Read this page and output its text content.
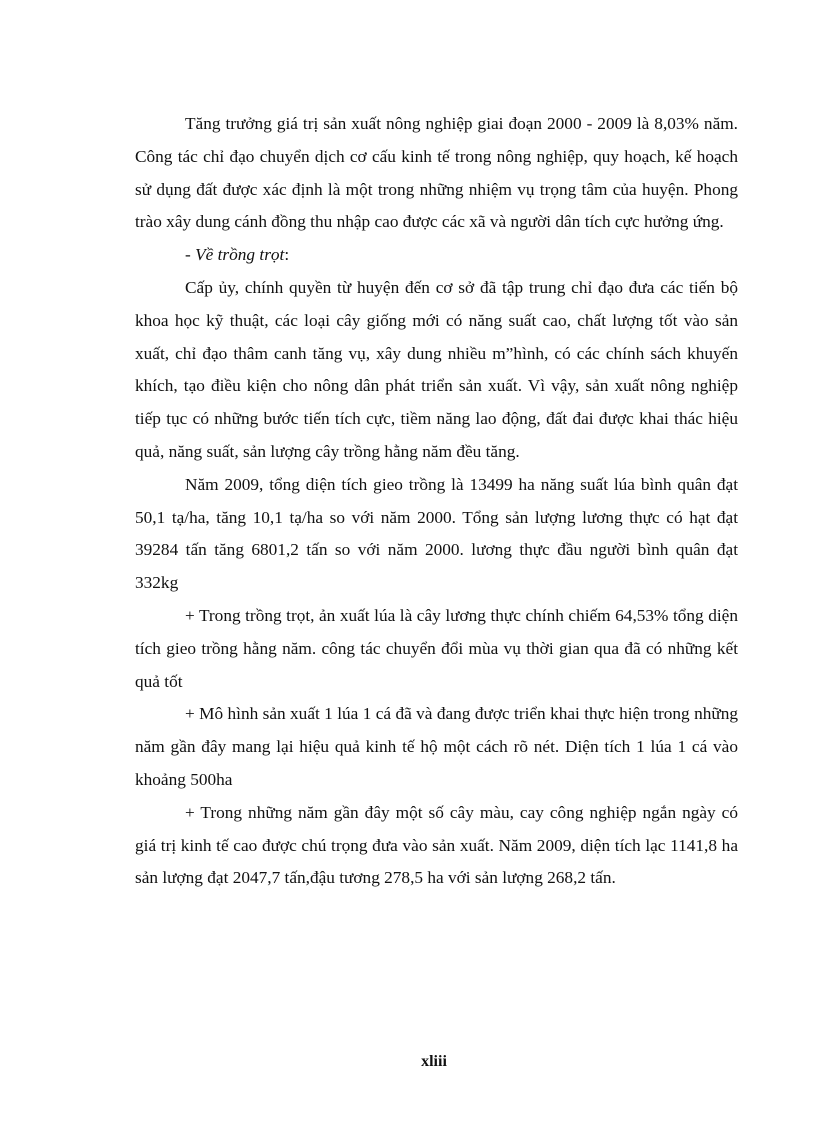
Tăng trưởng giá trị sản xuất nông nghiệp giai đoạn 2000 - 2009 là 8,03% năm. Công tác chỉ đạo chuyển dịch cơ cấu kinh tế trong nông nghiệp, quy hoạch, kế hoạch sử dụng đất được xác định là một trong những nhiệm vụ trọng tâm của huyện. Phong trào xây dung cánh đồng thu nhập cao được các xã và người dân tích cực hưởng ứng.

- Về trồng trọt:

Cấp ủy, chính quyền từ huyện đến cơ sở đã tập trung chỉ đạo đưa các tiến bộ khoa học kỹ thuật, các loại cây giống mới có năng suất cao, chất lượng tốt vào sản xuất, chỉ đạo thâm canh tăng vụ, xây dung nhiều m”hình, có các chính sách khuyến khích, tạo điều kiện cho nông dân phát triển sản xuất. Vì vậy, sản xuất nông nghiệp tiếp tục có những bước tiến tích cực, tiềm năng lao động, đất đai được khai thác hiệu quả, năng suất, sản lượng cây trồng hằng năm đều tăng.

Năm 2009, tổng diện tích gieo trồng là 13499 ha năng suất lúa bình quân đạt 50,1 tạ/ha, tăng 10,1 tạ/ha so với năm 2000. Tổng sản lượng lương thực có hạt đạt 39284 tấn tăng 6801,2 tấn so với năm 2000. lương thực đầu người bình quân đạt 332kg

+ Trong trồng trọt, ản xuất lúa là cây lương thực chính chiếm 64,53% tổng diện tích gieo trồng hằng năm. công tác chuyển đổi mùa vụ thời gian qua đã có những kết quả tốt

+ Mô hình sản xuất 1 lúa 1 cá đã và đang được triển khai thực hiện trong những năm gần đây mang lại hiệu quả kinh tế hộ một cách rõ nét. Diện tích 1 lúa 1 cá vào khoảng 500ha

+ Trong những năm gần đây một số cây màu, cay công nghiệp ngắn ngày có giá trị kinh tế cao được chú trọng đưa vào sản xuất. Năm 2009, diện tích lạc 1141,8 ha sản lượng đạt 2047,7 tấn,đậu tương 278,5 ha với sản lượng 268,2 tấn.

xliii
